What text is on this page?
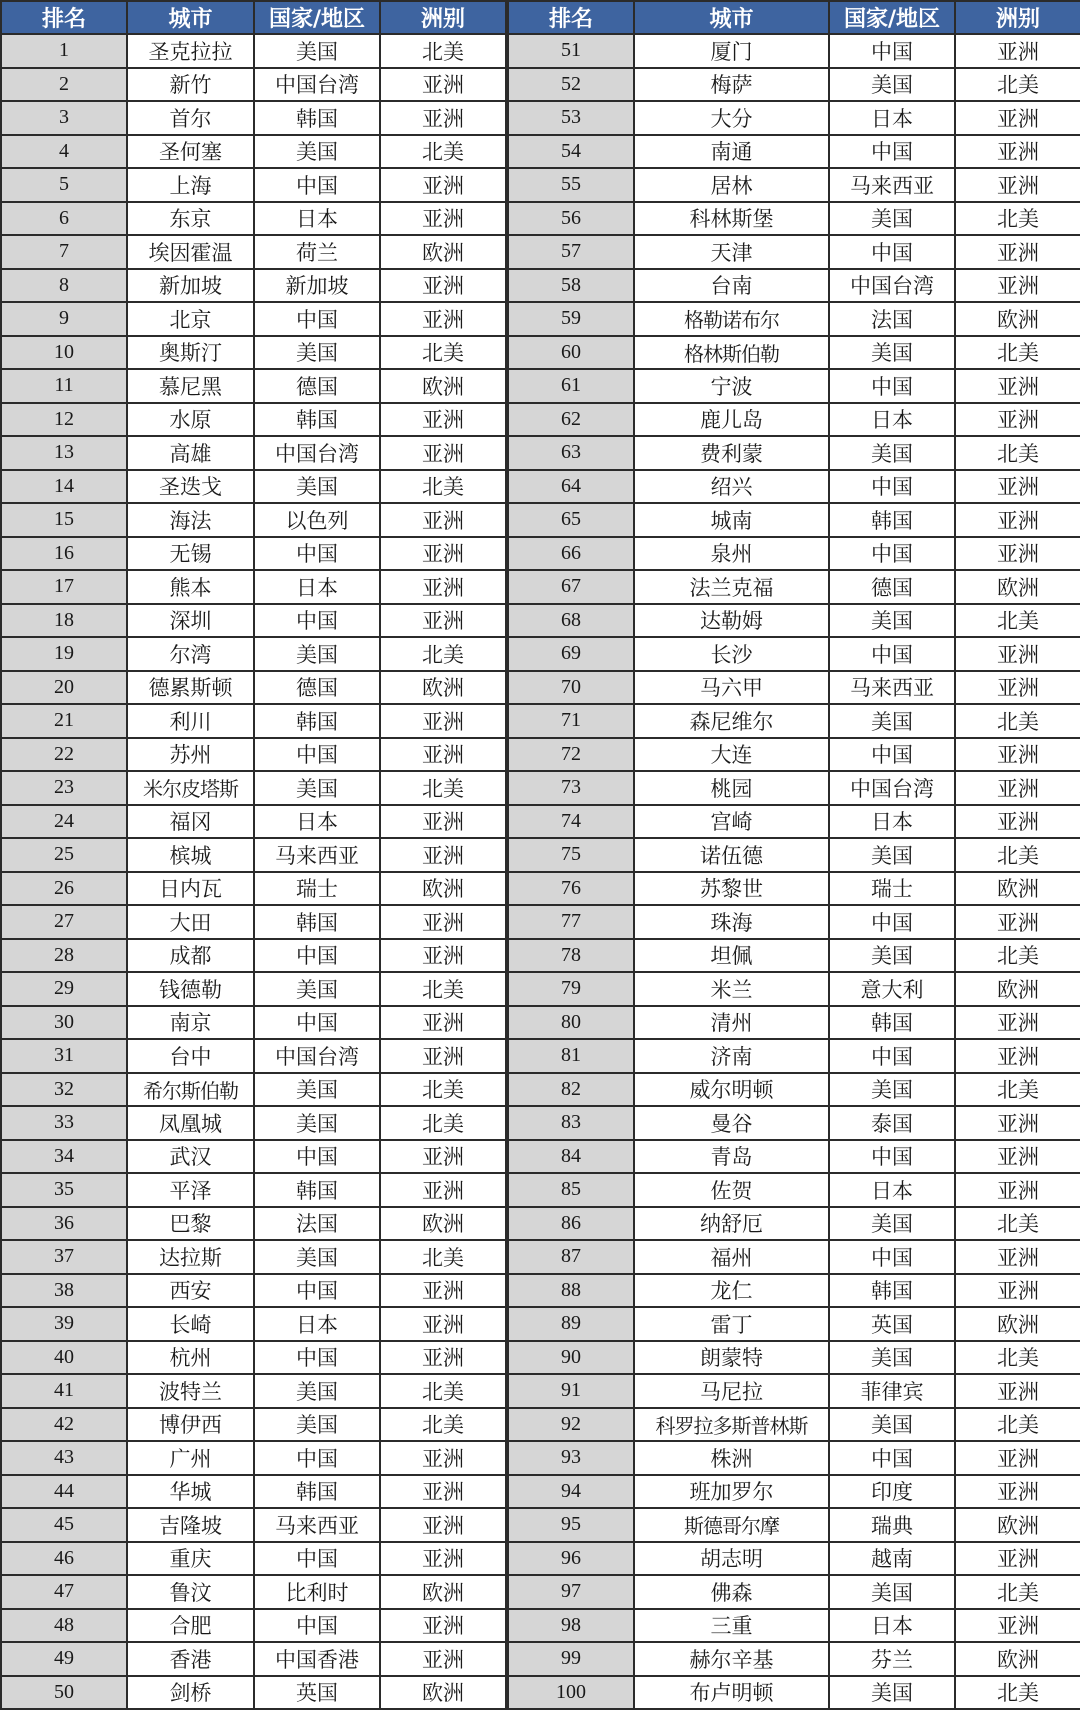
排名	城市	国家/地区	洲别	排名	城市	国家/地区	洲别
1	圣克拉拉	美国	北美	51	厦门	中国	亚洲
2	新竹	中国台湾	亚洲	52	梅萨	美国	北美
3	首尔	韩国	亚洲	53	大分	日本	亚洲
4	圣何塞	美国	北美	54	南通	中国	亚洲
5	上海	中国	亚洲	55	居林	马来西亚	亚洲
6	东京	日本	亚洲	56	科林斯堡	美国	北美
7	埃因霍温	荷兰	欧洲	57	天津	中国	亚洲
8	新加坡	新加坡	亚洲	58	台南	中国台湾	亚洲
9	北京	中国	亚洲	59	格勒诺布尔	法国	欧洲
10	奥斯汀	美国	北美	60	格林斯伯勒	美国	北美
11	慕尼黑	德国	欧洲	61	宁波	中国	亚洲
12	水原	韩国	亚洲	62	鹿儿岛	日本	亚洲
13	高雄	中国台湾	亚洲	63	费利蒙	美国	北美
14	圣迭戈	美国	北美	64	绍兴	中国	亚洲
15	海法	以色列	亚洲	65	城南	韩国	亚洲
16	无锡	中国	亚洲	66	泉州	中国	亚洲
17	熊本	日本	亚洲	67	法兰克福	德国	欧洲
18	深圳	中国	亚洲	68	达勒姆	美国	北美
19	尔湾	美国	北美	69	长沙	中国	亚洲
20	德累斯顿	德国	欧洲	70	马六甲	马来西亚	亚洲
21	利川	韩国	亚洲	71	森尼维尔	美国	北美
22	苏州	中国	亚洲	72	大连	中国	亚洲
23	米尔皮塔斯	美国	北美	73	桃园	中国台湾	亚洲
24	福冈	日本	亚洲	74	宫崎	日本	亚洲
25	槟城	马来西亚	亚洲	75	诺伍德	美国	北美
26	日内瓦	瑞士	欧洲	76	苏黎世	瑞士	欧洲
27	大田	韩国	亚洲	77	珠海	中国	亚洲
28	成都	中国	亚洲	78	坦佩	美国	北美
29	钱德勒	美国	北美	79	米兰	意大利	欧洲
30	南京	中国	亚洲	80	清州	韩国	亚洲
31	台中	中国台湾	亚洲	81	济南	中国	亚洲
32	希尔斯伯勒	美国	北美	82	威尔明顿	美国	北美
33	凤凰城	美国	北美	83	曼谷	泰国	亚洲
34	武汉	中国	亚洲	84	青岛	中国	亚洲
35	平泽	韩国	亚洲	85	佐贺	日本	亚洲
36	巴黎	法国	欧洲	86	纳舒厄	美国	北美
37	达拉斯	美国	北美	87	福州	中国	亚洲
38	西安	中国	亚洲	88	龙仁	韩国	亚洲
39	长崎	日本	亚洲	89	雷丁	英国	欧洲
40	杭州	中国	亚洲	90	朗蒙特	美国	北美
41	波特兰	美国	北美	91	马尼拉	菲律宾	亚洲
42	博伊西	美国	北美	92	科罗拉多斯普林斯	美国	北美
43	广州	中国	亚洲	93	株洲	中国	亚洲
44	华城	韩国	亚洲	94	班加罗尔	印度	亚洲
45	吉隆坡	马来西亚	亚洲	95	斯德哥尔摩	瑞典	欧洲
46	重庆	中国	亚洲	96	胡志明	越南	亚洲
47	鲁汶	比利时	欧洲	97	佛森	美国	北美
48	合肥	中国	亚洲	98	三重	日本	亚洲
49	香港	中国香港	亚洲	99	赫尔辛基	芬兰	欧洲
50	剑桥	英国	欧洲	100	布卢明顿	美国	北美
